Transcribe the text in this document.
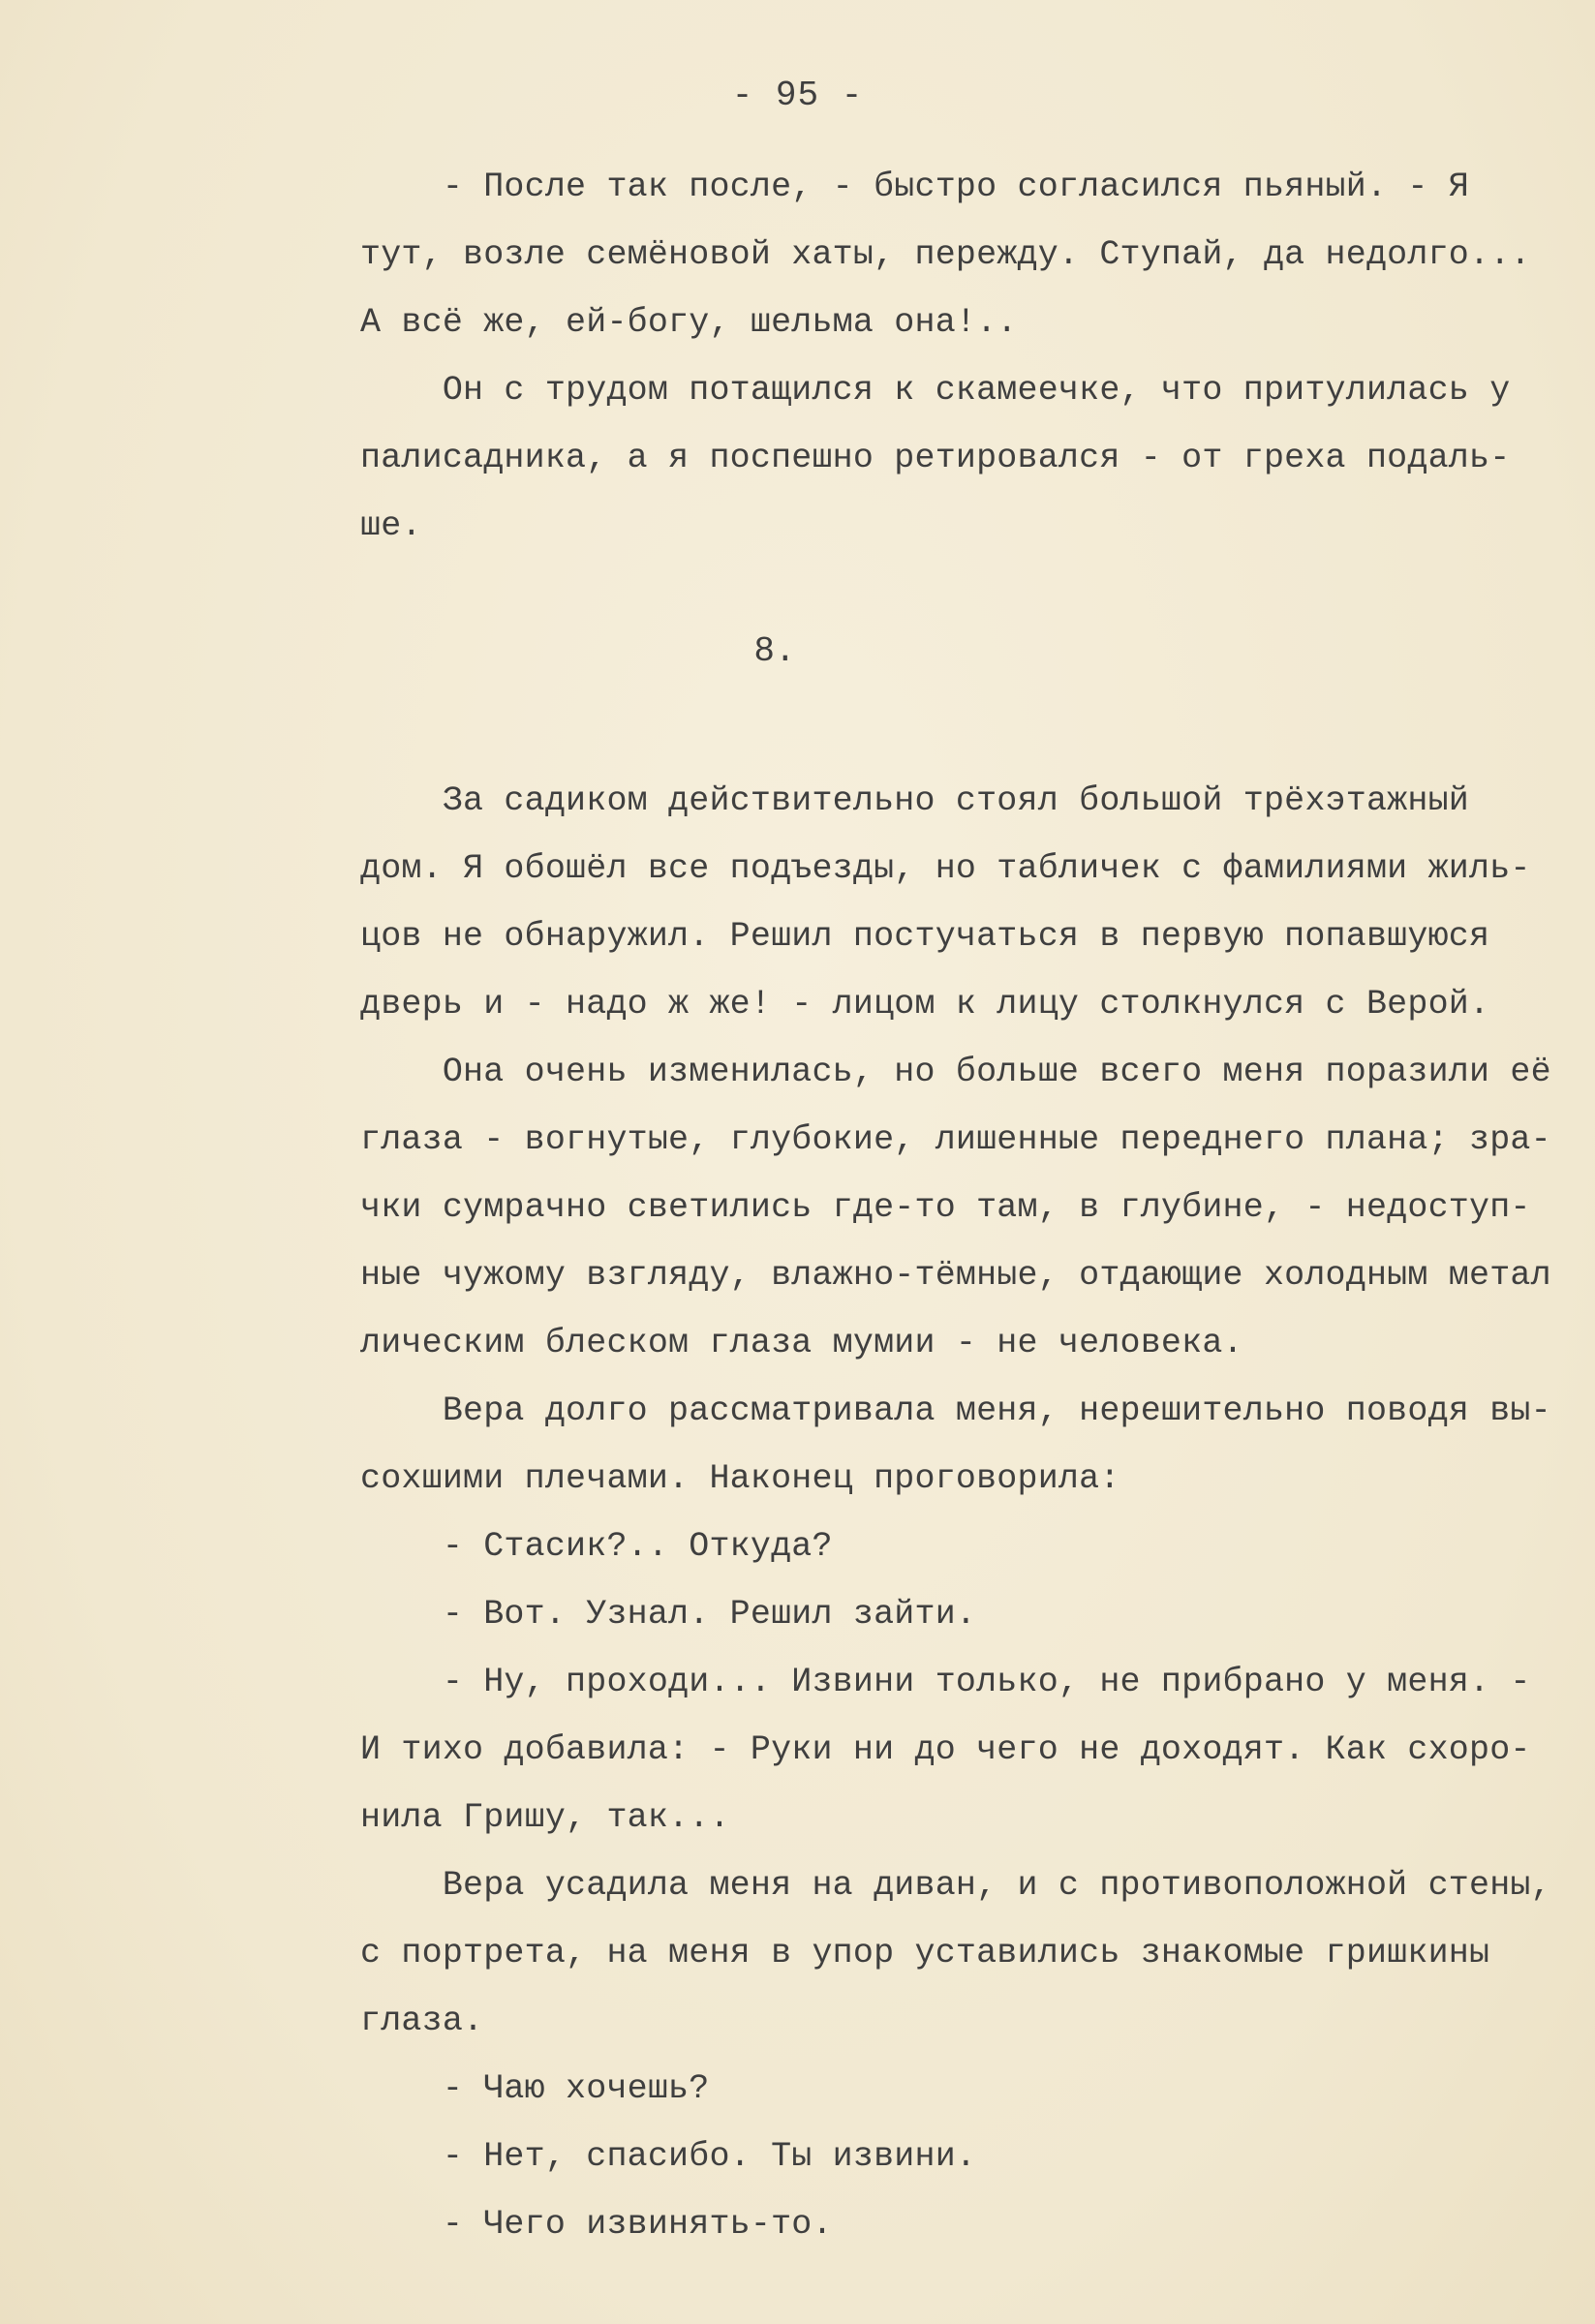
- 95 -
- После так после, - быстро согласился пьяный. - Я
тут, возле семёновой хаты, пережду. Ступай, да недолго...
А всё же, ей-богу, шельма она!..
Он с трудом потащился к скамеечке, что притулилась у
палисадника, а я поспешно ретировался - от греха подаль-
ше.
8.
За садиком действительно стоял большой трёхэтажный
дом. Я обошёл все подъезды, но табличек с фамилиями жиль-
цов не обнаружил. Решил постучаться в первую попавшуюся
дверь и - надо ж же! - лицом к лицу столкнулся с Верой.
Она очень изменилась, но больше всего меня поразили её
глаза - вогнутые, глубокие, лишенные переднего плана; зра-
чки сумрачно светились где-то там, в глубине, - недоступ-
ные чужому взгляду, влажно-тёмные, отдающие холодным метал
лическим блеском глаза мумии - не человека.
Вера долго рассматривала меня, нерешительно поводя вы-
сохшими плечами. Наконец проговорила:
- Стасик?.. Откуда?
- Вот. Узнал. Решил зайти.
- Ну, проходи... Извини только, не прибрано у меня. -
И тихо добавила: - Руки ни до чего не доходят. Как схоро-
нила Гришу, так...
Вера усадила меня на диван, и с противоположной стены,
с портрета, на меня в упор уставились знакомые гришкины
глаза.
- Чаю хочешь?
- Нет, спасибо. Ты извини.
- Чего извинять-то.
